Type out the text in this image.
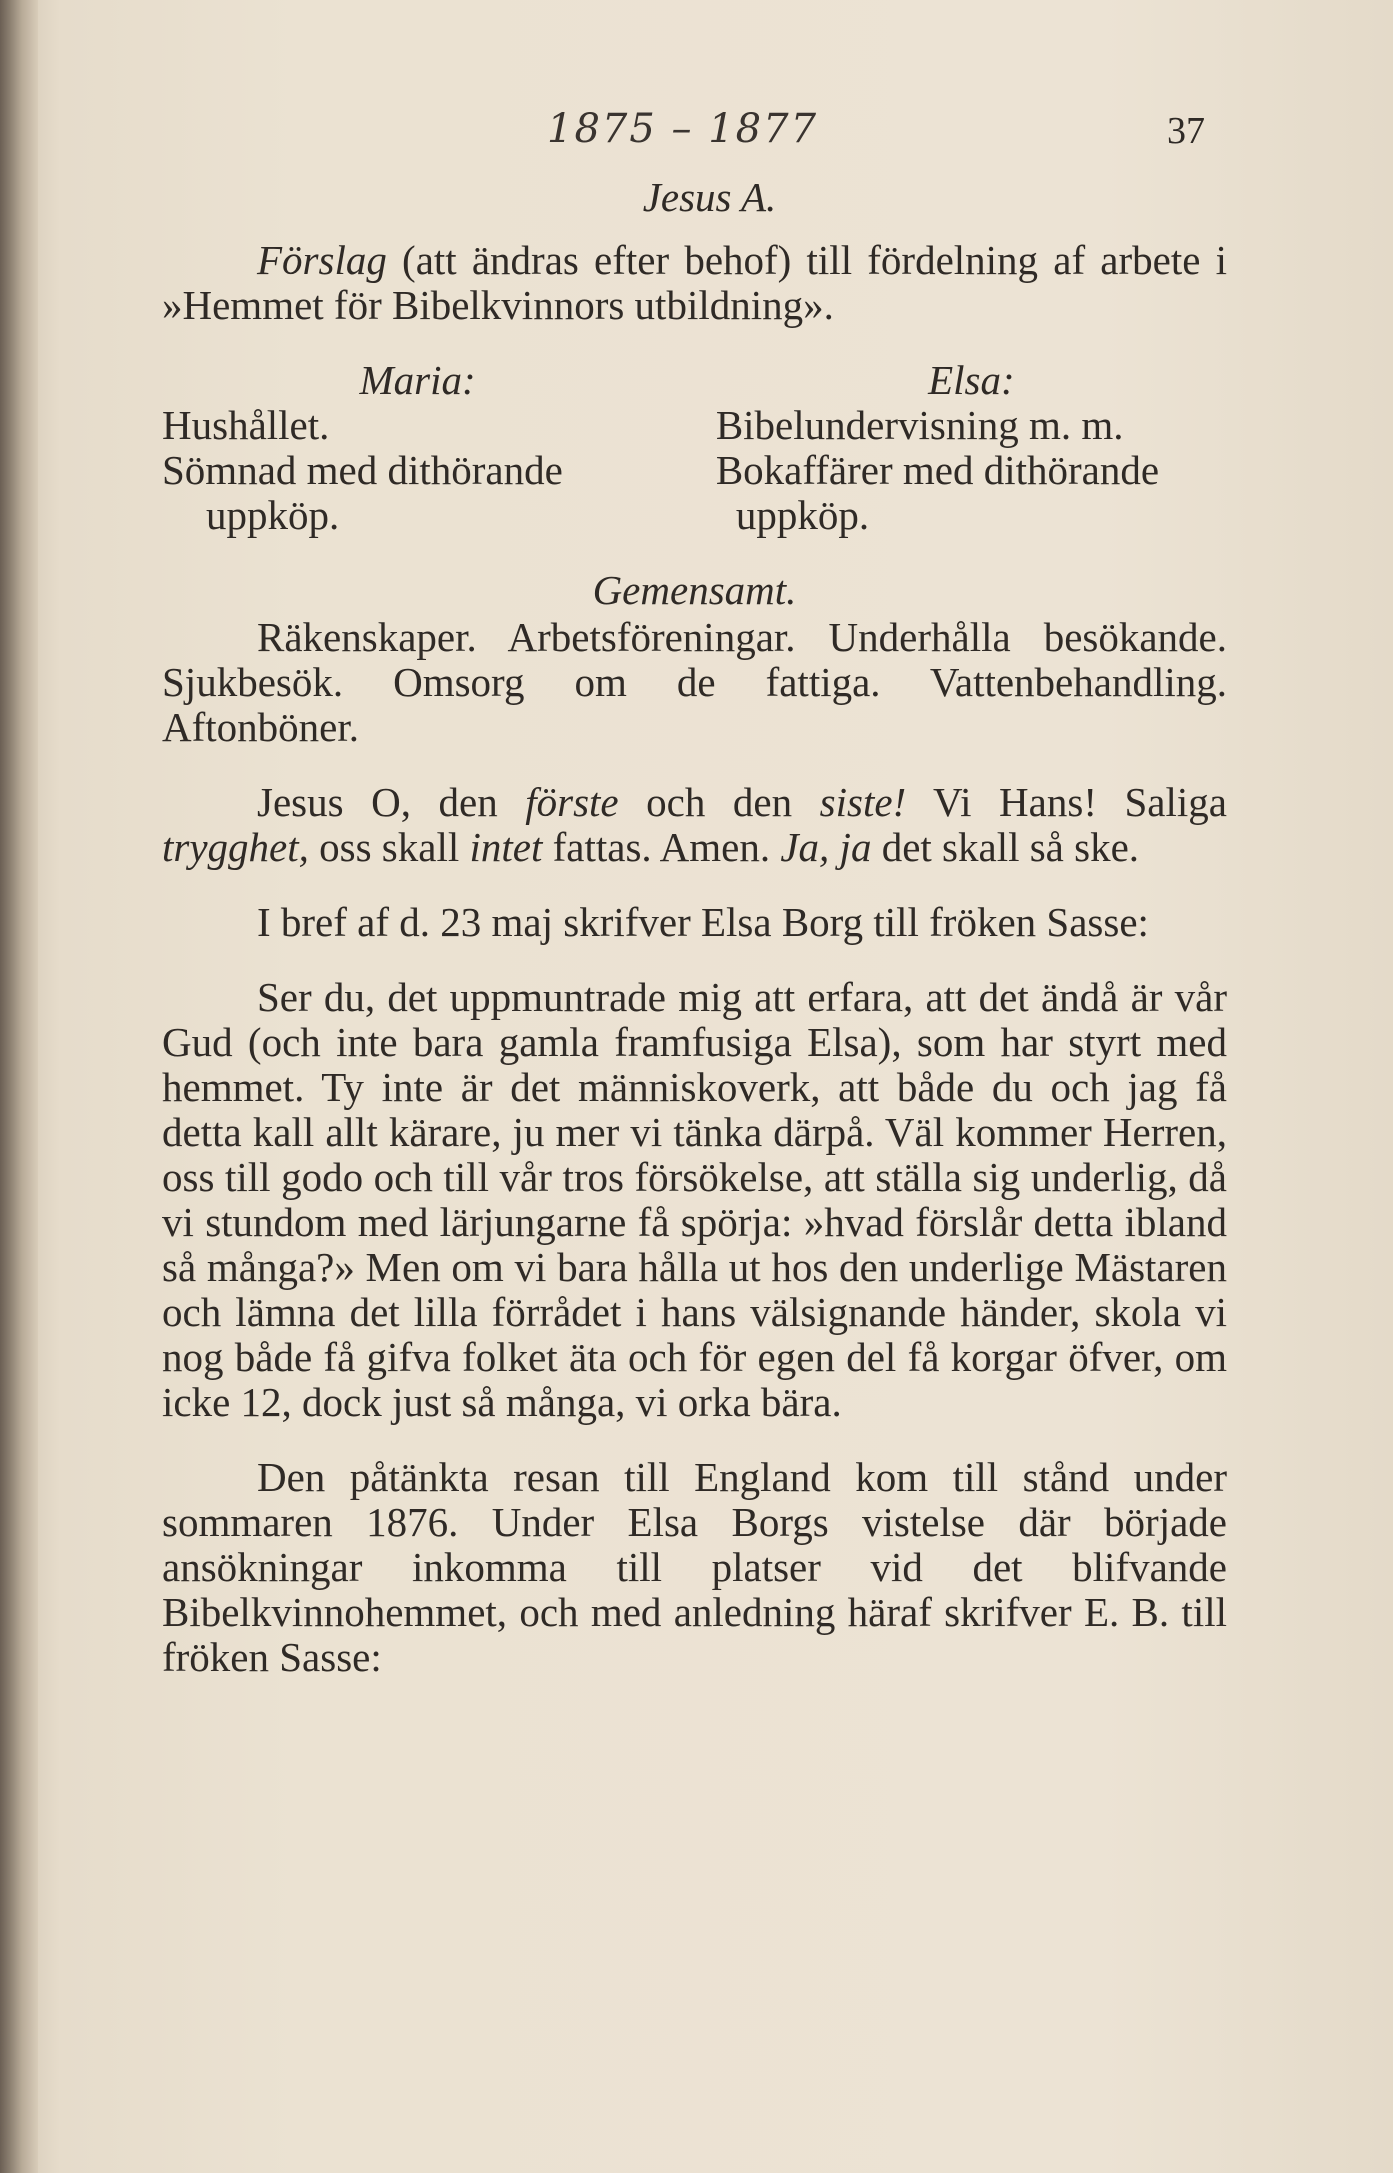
1875 – 1877	37
Jesus A.

Förslag (att ändras efter behof) till fördelning af arbete i »Hemmet för Bibelkvinnors utbildning».

Maria:
Hushållet.
Sömnad med dithörande uppköp.
Elsa:
Bibelundervisning m. m.
Bokaffärer med dithörande uppköp.
Gemensamt.

Räkenskaper. Arbetsföreningar. Underhålla besökande. Sjukbesök. Omsorg om de fattiga. Vattenbehandling. Aftonböner.

Jesus O, den förste och den siste! Vi Hans! Saliga trygghet, oss skall intet fattas. Amen. Ja, ja det skall så ske.

I bref af d. 23 maj skrifver Elsa Borg till fröken Sasse:

Ser du, det uppmuntrade mig att erfara, att det ändå är vår Gud (och inte bara gamla framfusiga Elsa), som har styrt med hemmet. Ty inte är det människoverk, att både du och jag få detta kall allt kärare, ju mer vi tänka därpå. Väl kommer Herren, oss till godo och till vår tros försökelse, att ställa sig underlig, då vi stundom med lärjungarne få spörja: »hvad förslår detta ibland så många?» Men om vi bara hålla ut hos den underlige Mästaren och lämna det lilla förrådet i hans välsignande händer, skola vi nog både få gifva folket äta och för egen del få korgar öfver, om icke 12, dock just så många, vi orka bära.

Den påtänkta resan till England kom till stånd under sommaren 1876. Under Elsa Borgs vistelse där började ansökningar inkomma till platser vid det blifvande Bibelkvinnohemmet, och med anledning häraf skrifver E. B. till fröken Sasse:
